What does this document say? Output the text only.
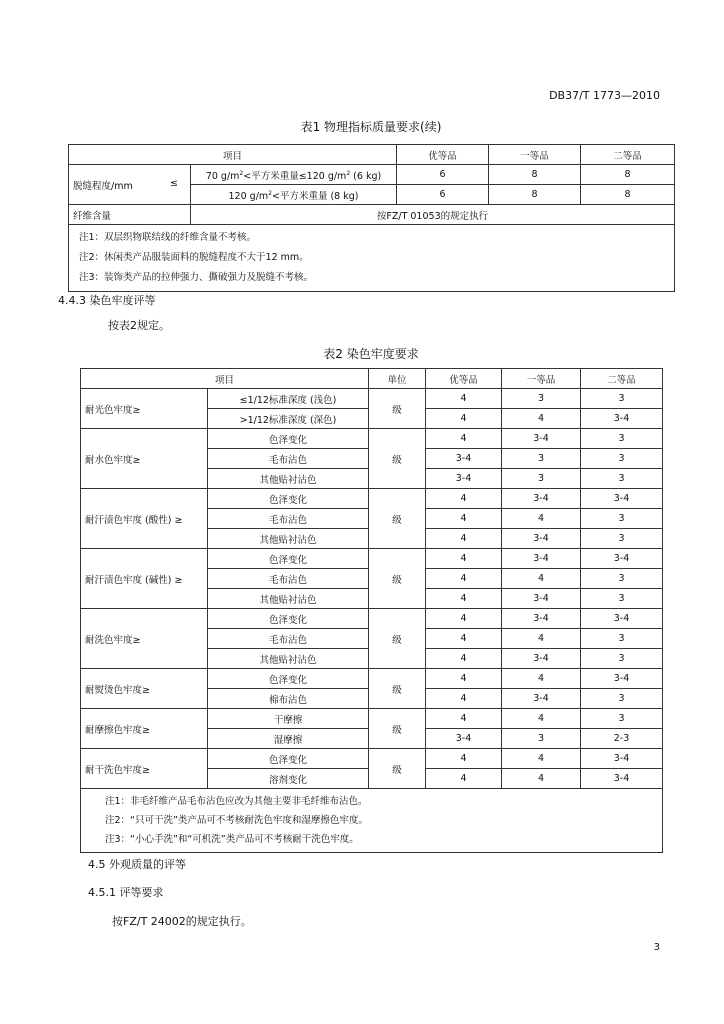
DB37/T 1773—2010
表1 物理指标质量要求(续)
项目		优等品	一等品	二等品
脱缝程度/mm ≤	70 $g/m^2<$平方米重量≤120 $g/m^2$ (6 kg)	6	8	8
	120 $g/m^2<$平方米重量 (8 kg)	6	8	8
纤维含量	按FZ/T 01053的规定执行			

注1：双层织物联结线的纤维含量不考核。
注2：休闲类产品服装面料的脱缝程度不大于12 mm。
注3：装饰类产品的拉伸强力、撕破强力及脱缝不考核。				
4.4.3 染色牢度评等
按表2规定。
表2 染色牢度要求
项目		单位	优等品	一等品	二等品
耐光色牢度≥	≤1/12标准深度 (浅色)	级	4	3	3
	>1/12标准深度 (深色)		4	4	3-4
耐水色牢度≥	色泽变化	级	4	3-4	3
	毛布沾色		3-4	3	3
	其他贴衬沾色		3-4	3	3
耐汗渍色牢度 (酸性) ≥	色泽变化	级	4	3-4	3-4
	毛布沾色		4	4	3
	其他贴衬沾色		4	3-4	3
耐汗渍色牢度 (碱性) ≥	色泽变化	级	4	3-4	3-4
	毛布沾色		4	4	3
	其他贴衬沾色		4	3-4	3
耐洗色牢度≥	色泽变化	级	4	3-4	3-4
	毛布沾色		4	4	3
	其他贴衬沾色		4	3-4	3
耐熨烫色牢度≥	色泽变化	级	4	4	3-4
	棉布沾色		4	3-4	3
耐摩擦色牢度≥	干摩擦	级	4	4	3
	湿摩擦		3-4	3	2-3
耐干洗色牢度≥	色泽变化	级	4	4	3-4
	溶剂变化		4	4	3-4

注1：非毛纤维产品毛布沾色应改为其他主要非毛纤维布沾色。
注2：“只可干洗”类产品可不考核耐洗色牢度和湿摩擦色牢度。
注3：“小心手洗”和“可机洗”类产品可不考核耐干洗色牢度。					
4.5 外观质量的评等
4.5.1 评等要求
按FZ/T 24002的规定执行。
3
